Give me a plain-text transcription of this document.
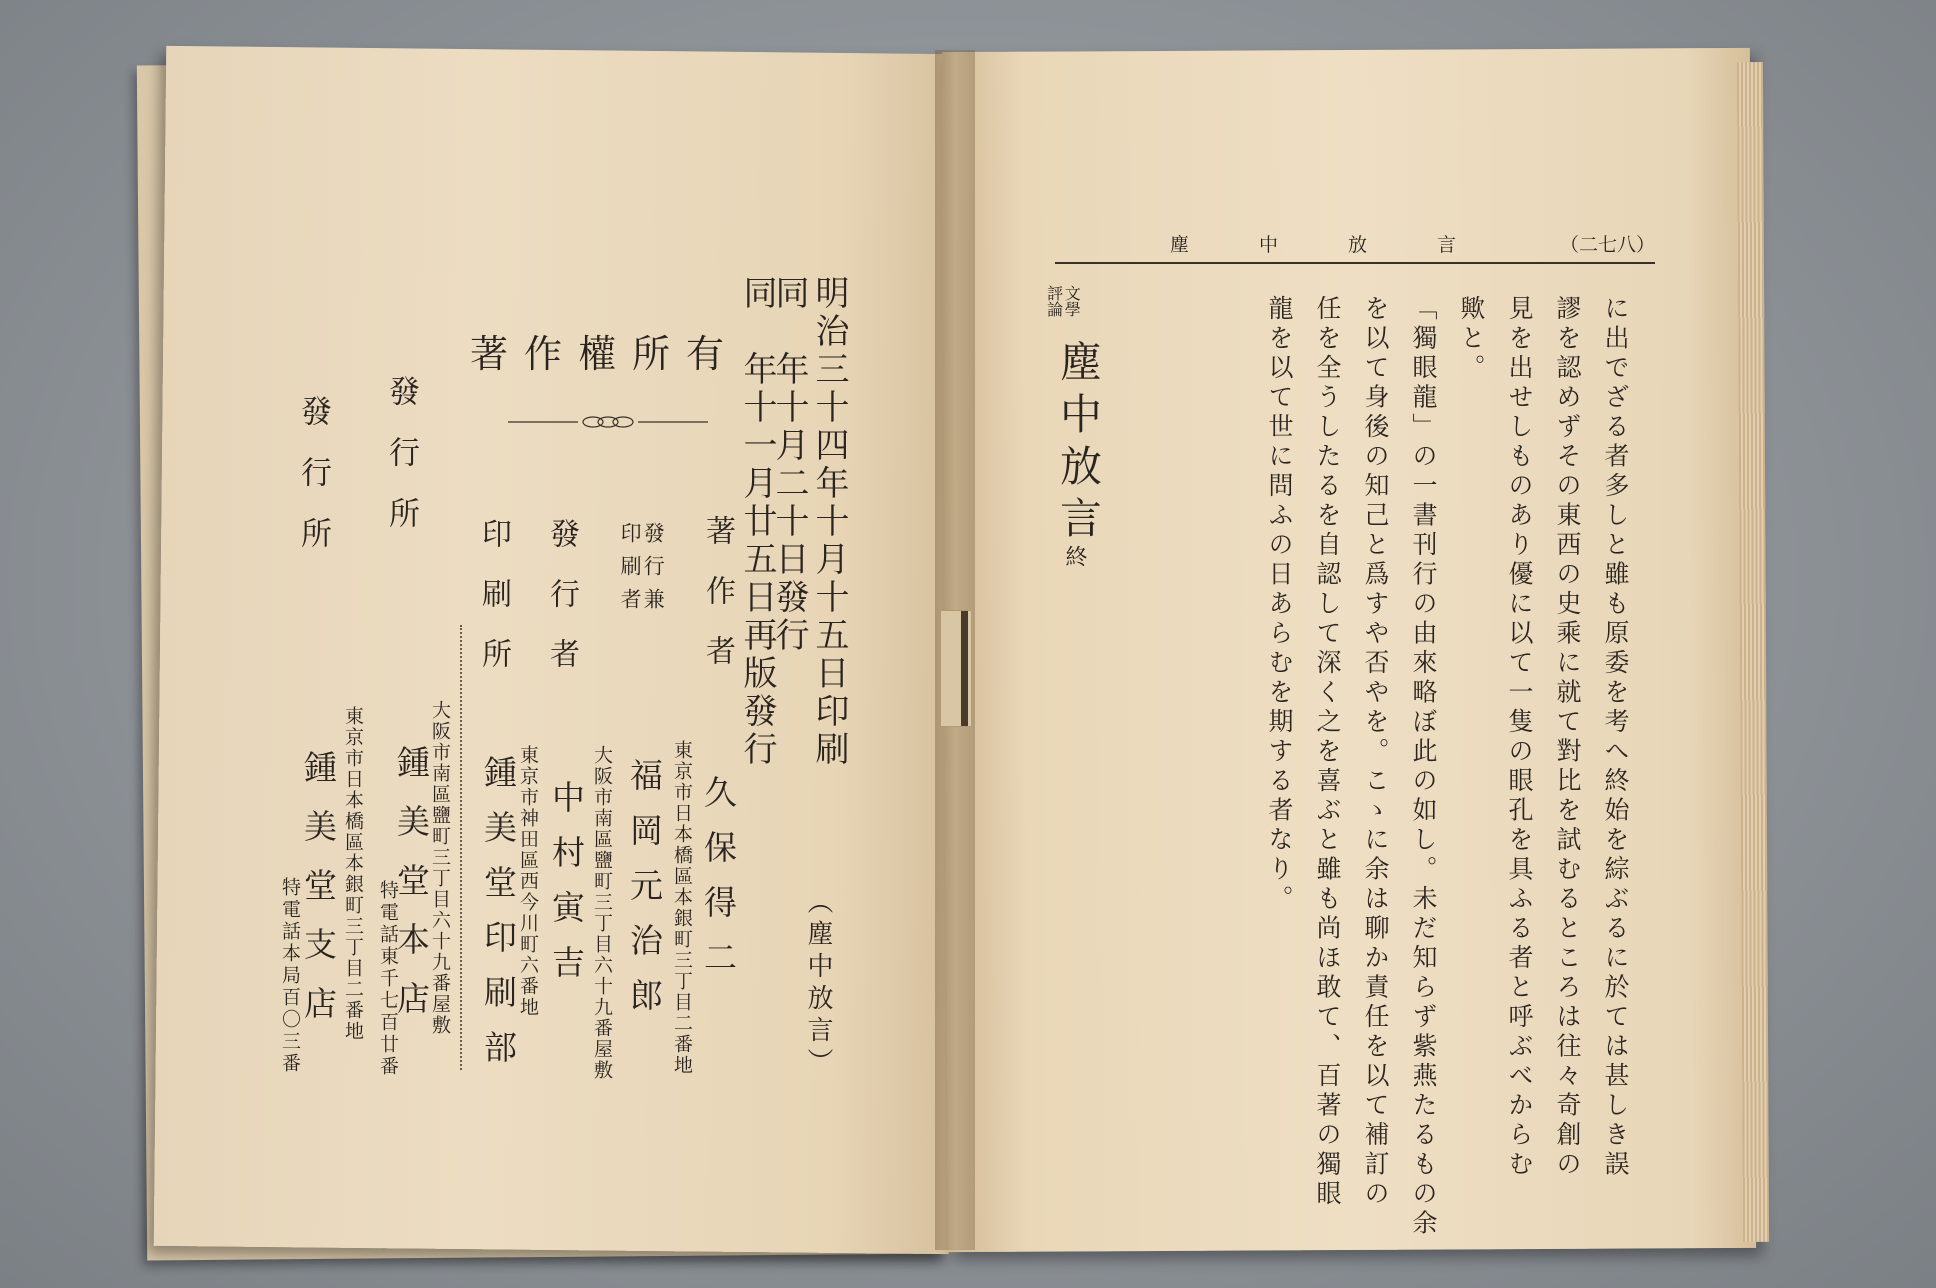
明治三十四年十月十五日印刷
同　年十月二十日發行
同　年十一月廿五日再版發行
（塵中放言）
著作權所有
著作者
久保得二
發行兼
印刷者
東京市日本橋區本銀町三丁目二番地
福岡元治郎
發行者
大阪市南區鹽町三丁目六十九番屋敷
中村寅吉
印刷所
東京市神田區西今川町六番地
鍾美堂印刷部
發行所
發行所
大阪市南區鹽町三丁目六十九番屋敷
鍾美堂本店
特電話東千七百廿番
東京市日本橋區本銀町三丁目二番地
鍾美堂支店
特電話本局百〇三番
塵中放言 （二七八）
文學
評論
塵中放言
終	に出でざる者多しと雖も原委を考へ終始を綜ぶるに於ては甚しき誤
謬を認めずその東西の史乘に就て對比を試むるところは往々奇創の
見を出せしものあり優に以て一隻の眼孔を具ふる者と呼ぶべからむ
歟と。
「獨眼龍」の一書刊行の由來略ぼ此の如し。未だ知らず紫燕たるもの余
を以て身後の知己と爲すや否やを。こゝに余は聊か責任を以て補訂の
任を全うしたるを自認して深く之を喜ぶと雖も尚ほ敢て、百著の獨眼
龍を以て世に問ふの日あらむを期する者なり。
